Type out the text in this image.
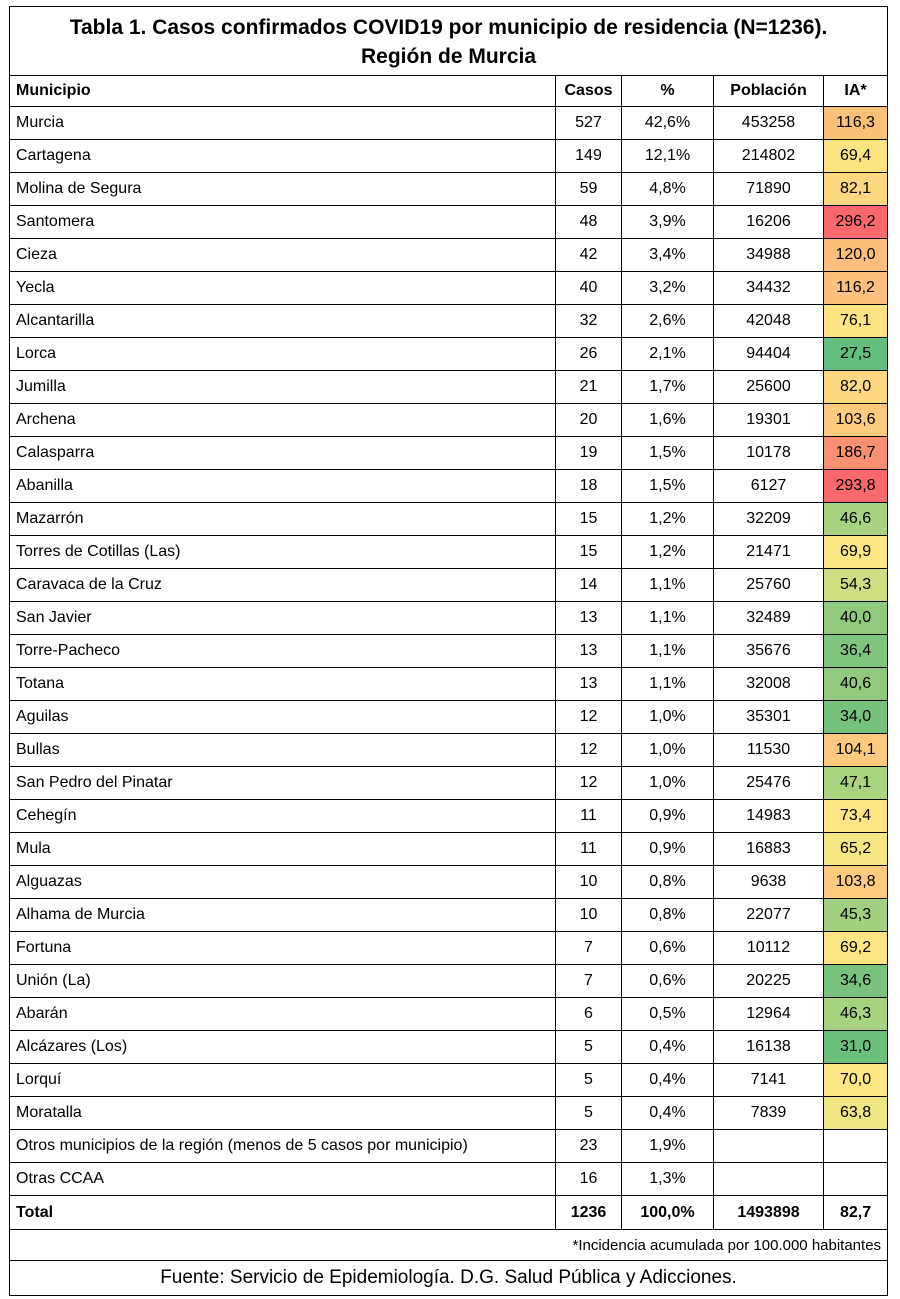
Tabla 1. Casos confirmados COVID19 por municipio de residencia (N=1236).
Región de Murcia				

Municipio	Casos	%	Población	IA*
Murcia	527	42,6%	453258	116,3
Cartagena	149	12,1%	214802	69,4
Molina de Segura	59	4,8%	71890	82,1
Santomera	48	3,9%	16206	296,2
Cieza	42	3,4%	34988	120,0
Yecla	40	3,2%	34432	116,2
Alcantarilla	32	2,6%	42048	76,1
Lorca	26	2,1%	94404	27,5
Jumilla	21	1,7%	25600	82,0
Archena	20	1,6%	19301	103,6
Calasparra	19	1,5%	10178	186,7
Abanilla	18	1,5%	6127	293,8
Mazarrón	15	1,2%	32209	46,6
Torres de Cotillas (Las)	15	1,2%	21471	69,9
Caravaca de la Cruz	14	1,1%	25760	54,3
San Javier	13	1,1%	32489	40,0
Torre-Pacheco	13	1,1%	35676	36,4
Totana	13	1,1%	32008	40,6
Aguilas	12	1,0%	35301	34,0
Bullas	12	1,0%	11530	104,1
San Pedro del Pinatar	12	1,0%	25476	47,1
Cehegín	11	0,9%	14983	73,4
Mula	11	0,9%	16883	65,2
Alguazas	10	0,8%	9638	103,8
Alhama de Murcia	10	0,8%	22077	45,3
Fortuna	7	0,6%	10112	69,2
Unión (La)	7	0,6%	20225	34,6
Abarán	6	0,5%	12964	46,3
Alcázares (Los)	5	0,4%	16138	31,0
Lorquí	5	0,4%	7141	70,0
Moratalla	5	0,4%	7839	63,8
Otros municipios de la región (menos de 5 casos por municipio)	23	1,9%		
Otras CCAA	16	1,3%		
Total	1236	100,0%	1493898	82,7
*Incidencia acumulada por 100.000 habitantes				
Fuente: Servicio de Epidemiología. D.G. Salud Pública y Adicciones.				
